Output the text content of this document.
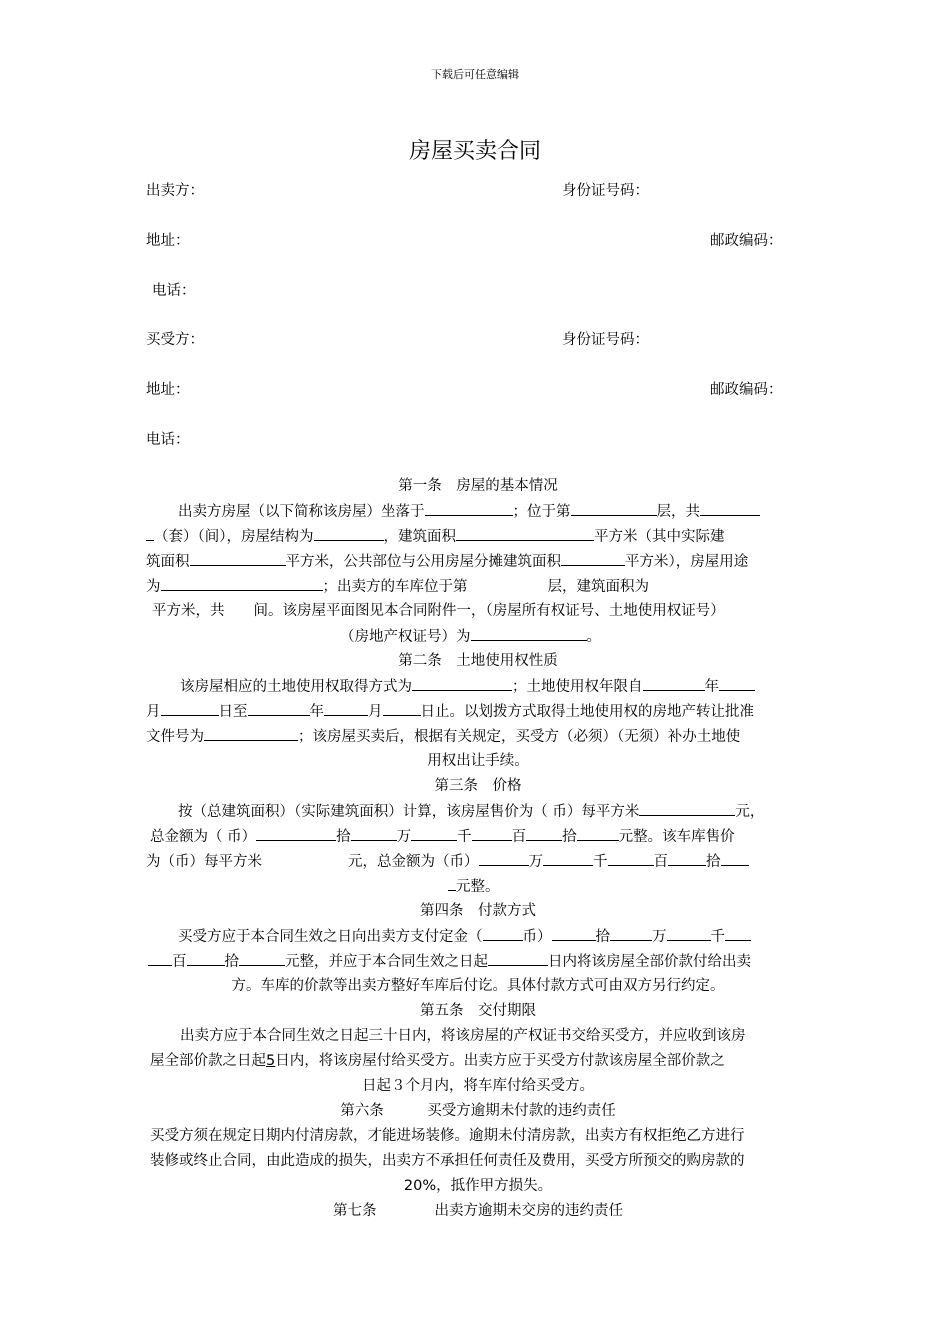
下载后可任意编辑
房屋买卖合同
出卖方：	身份证号码：
地址：	邮政编码：
电话：
买受方：	身份证号码：
地址：	邮政编码：
电话：
第一条　房屋的基本情况
出卖方房屋（以下简称该房屋）坐落于	；位于第	层，共
（套）（间），房屋结构为	，建筑面积	平方米（其中实际建
筑面积	平方米，公共部位与公用房屋分摊建筑面积	平方米），房屋用途
为	；出卖方的车库位于第	层，建筑面积为
平方米，共　　间。该房屋平面图见本合同附件一，（房屋所有权证号、土地使用权证号）
（房地产权证号）为	。
第二条　土地使用权性质
该房屋相应的土地使用权取得方式为	；土地使用权年限自	年
月	日至	年	月	日止。以划拨方式取得土地使用权的房地产转让批准
文件号为	；该房屋买卖后，根据有关规定，买受方（必须）（无须）补办土地使
用权出让手续。
第三条　价格
按（总建筑面积）（实际建筑面积）计算，该房屋售价为（ 币）每平方米	元，
总金额为（ 币）	拾	万	千	百 拾	元整。该车库售价
为（币）每平方米	元，总金额为（币）	万	千	百	拾
元整。
第四条　付款方式
买受方应于本合同生效之日向出卖方支付定金（	币）	拾	万	千
百	拾	元整，并应于本合同生效之日起	日内将该房屋全部价款付给出卖
方。车库的价款等出卖方整好车库后付讫。具体付款方式可由双方另行约定。
第五条　交付期限
出卖方应于本合同生效之日起三十日内，将该房屋的产权证书交给买受方，并应收到该房
屋全部价款之日起5日内，将该房屋付给买受方。出卖方应于买受方付款该房屋全部价款之
日起３个月内，将车库付给买受方。
第六条　　　买受方逾期未付款的违约责任
买受方须在规定日期内付清房款，才能进场装修。逾期未付清房款，出卖方有权拒绝乙方进行
装修或终止合同，由此造成的损失，出卖方不承担任何责任及费用，买受方所预交的购房款的
20%，抵作甲方损失。
第七条　　　　出卖方逾期未交房的违约责任
